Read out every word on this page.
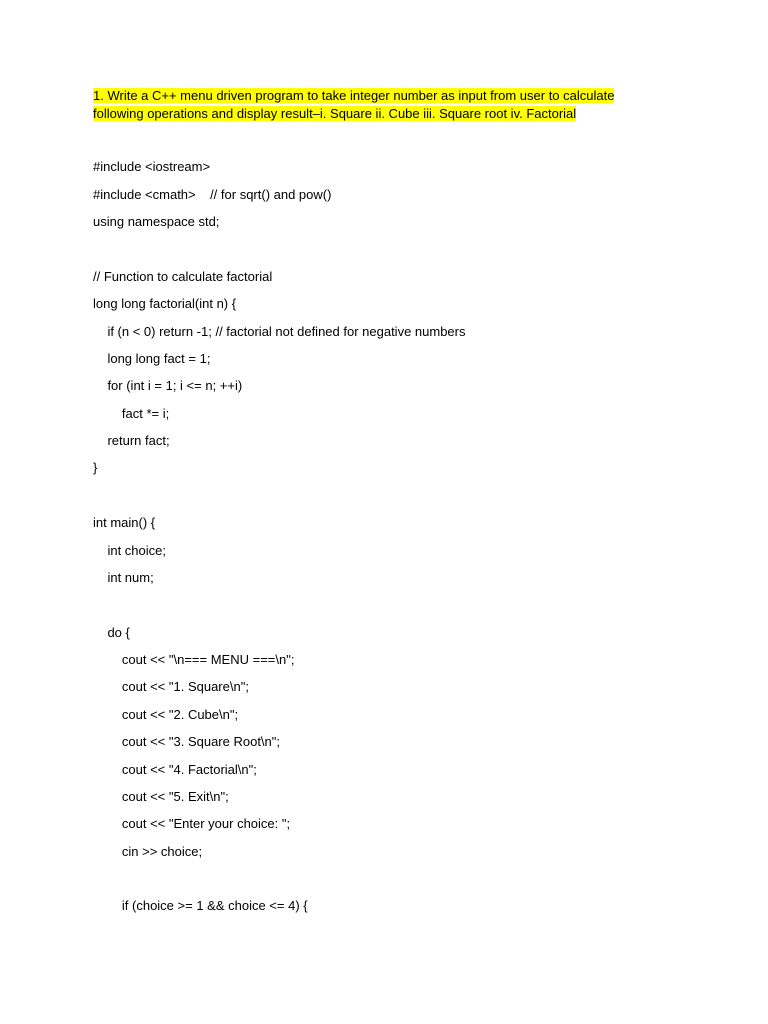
1. Write a C++ menu driven program to take integer number as input from user to calculate
following operations and display result–i. Square ii. Cube iii. Square root iv. Factorial
#include <iostream>
#include <cmath>    // for sqrt() and pow()
using namespace std;
// Function to calculate factorial
long long factorial(int n) {
if (n < 0) return -1; // factorial not defined for negative numbers
long long fact = 1;
for (int i = 1; i <= n; ++i)
fact *= i;
return fact;
}
int main() {
int choice;
int num;
do {
cout << "\n=== MENU ===\n";
cout << "1. Square\n";
cout << "2. Cube\n";
cout << "3. Square Root\n";
cout << "4. Factorial\n";
cout << "5. Exit\n";
cout << "Enter your choice: ";
cin >> choice;
if (choice >= 1 && choice <= 4) {
